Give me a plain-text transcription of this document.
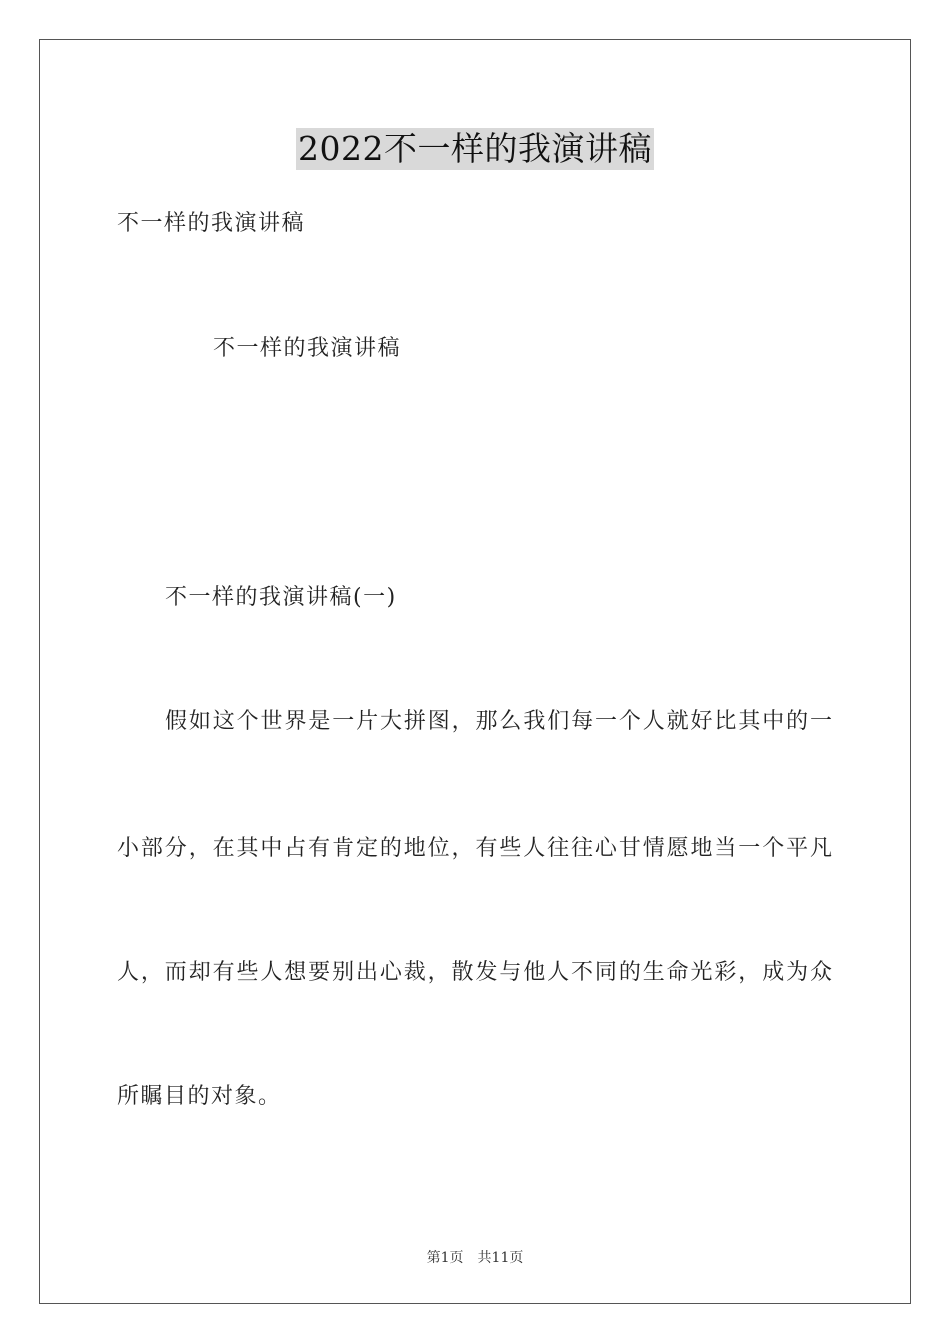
2022不一样的我演讲稿
不一样的我演讲稿
不一样的我演讲稿
不一样的我演讲稿(一)
假如这个世界是一片大拼图，那么我们每一个人就好比其中的一
小部分，在其中占有肯定的地位，有些人往往心甘情愿地当一个平凡
人，而却有些人想要别出心裁，散发与他人不同的生命光彩，成为众
所瞩目的对象。
第1页　共11页
